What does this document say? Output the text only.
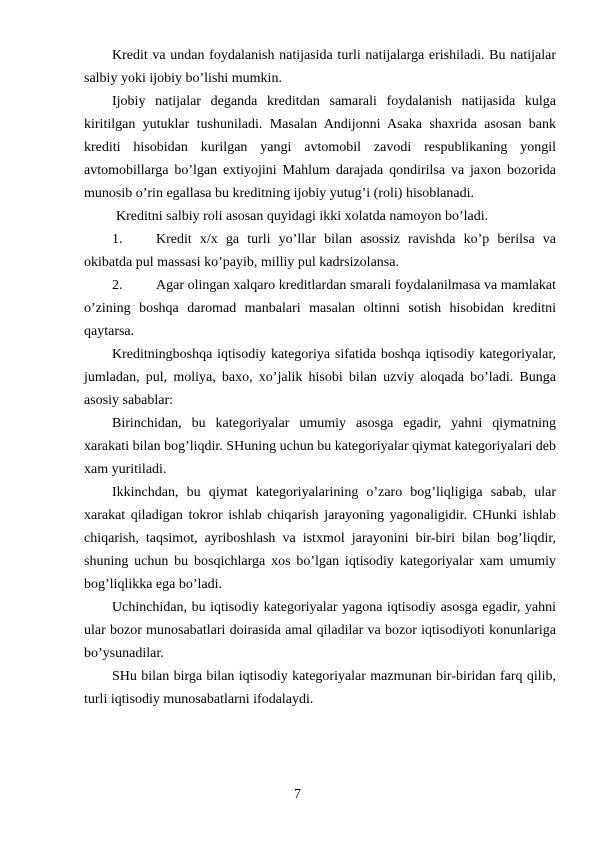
Kredit va undan foydalanish natijasida turli natijalarga erishiladi. Bu natijalar salbiy yoki ijobiy bo’lishi mumkin.

Ijobiy natijalar deganda kreditdan samarali foydalanish natijasida kulga kiritilgan yutuklar tushuniladi. Masalan Andijonni Asaka shaxrida asosan bank krediti hisobidan kurilgan yangi avtomobil zavodi respublikaning yongil avtomobillarga bo’lgan extiyojini Mahlum darajada qondirilsa va jaxon bozorida munosib o’rin egallasa bu kreditning ijobiy yutug’i (roli) hisoblanadi.

Kreditni salbiy roli asosan quyidagi ikki xolatda namoyon bo’ladi.

1. Kredit x/x ga turli yo’llar bilan asossiz ravishda ko’p berilsa va okibatda pul massasi ko’payib, milliy pul kadrsizolansa.

2. Agar olingan xalqaro kreditlardan smarali foydalanilmasa va mamlakat o’zining boshqa daromad manbalari masalan oltinni sotish hisobidan kreditni qaytarsa.

Kreditningboshqa iqtisodiy kategoriya sifatida boshqa iqtisodiy kategoriyalar, jumladan, pul, moliya, baxo, xo’jalik hisobi bilan uzviy aloqada bo’ladi. Bunga asosiy sabablar:

Birinchidan, bu kategoriyalar umumiy asosga egadir, yahni qiymatning xarakati bilan bog’liqdir. SHuning uchun bu kategoriyalar qiymat kategoriyalari deb xam yuritiladi.

Ikkinchdan, bu qiymat kategoriyalarining o’zaro bog’liqligiga sabab, ular xarakat qiladigan tokror ishlab chiqarish jarayoning yagonaligidir. CHunki ishlab chiqarish, taqsimot, ayriboshlash va istxmol jarayonini bir-biri bilan bog’liqdir, shuning uchun bu bosqichlarga xos bo’lgan iqtisodiy kategoriyalar xam umumiy bog’liqlikka ega bo’ladi.

Uchinchidan, bu iqtisodiy kategoriyalar yagona iqtisodiy asosga egadir, yahni ular bozor munosabatlari doirasida amal qiladilar va bozor iqtisodiyoti konunlariga bo’ysunadilar.

SHu bilan birga bilan iqtisodiy kategoriyalar mazmunan bir-biridan farq qilib, turli iqtisodiy munosabatlarni ifodalaydi.

7
